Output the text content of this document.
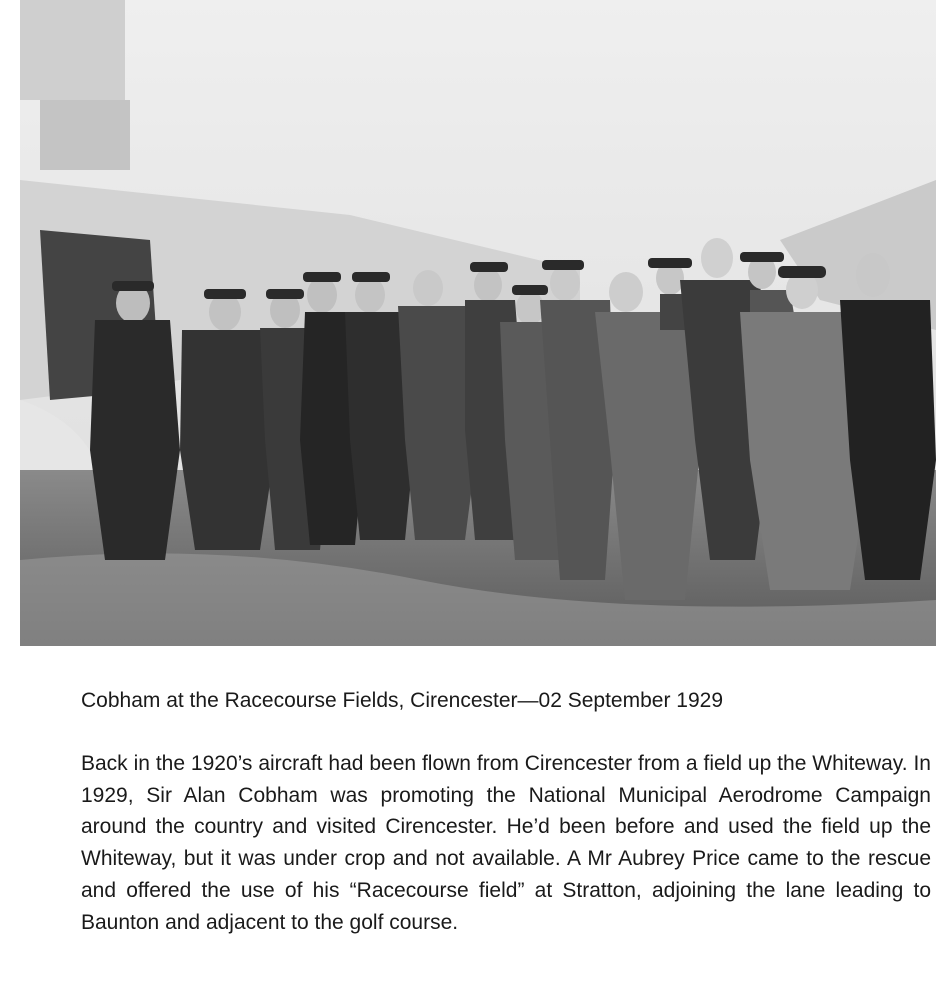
Cobham at the Racecourse Fields, Cirencester—02 September 1929

Back in the 1920’s aircraft had been flown from Cirencester from a field up the Whiteway. In 1929, Sir Alan Cobham was promoting the National Municipal Aerodrome Campaign around the country and visited Cirencester. He’d been before and used the field up the Whiteway, but it was under crop and not available. A Mr Aubrey Price came to the rescue and offered the use of his “Racecourse field” at Stratton, adjoining the lane leading to Baunton and adjacent to the golf course.
